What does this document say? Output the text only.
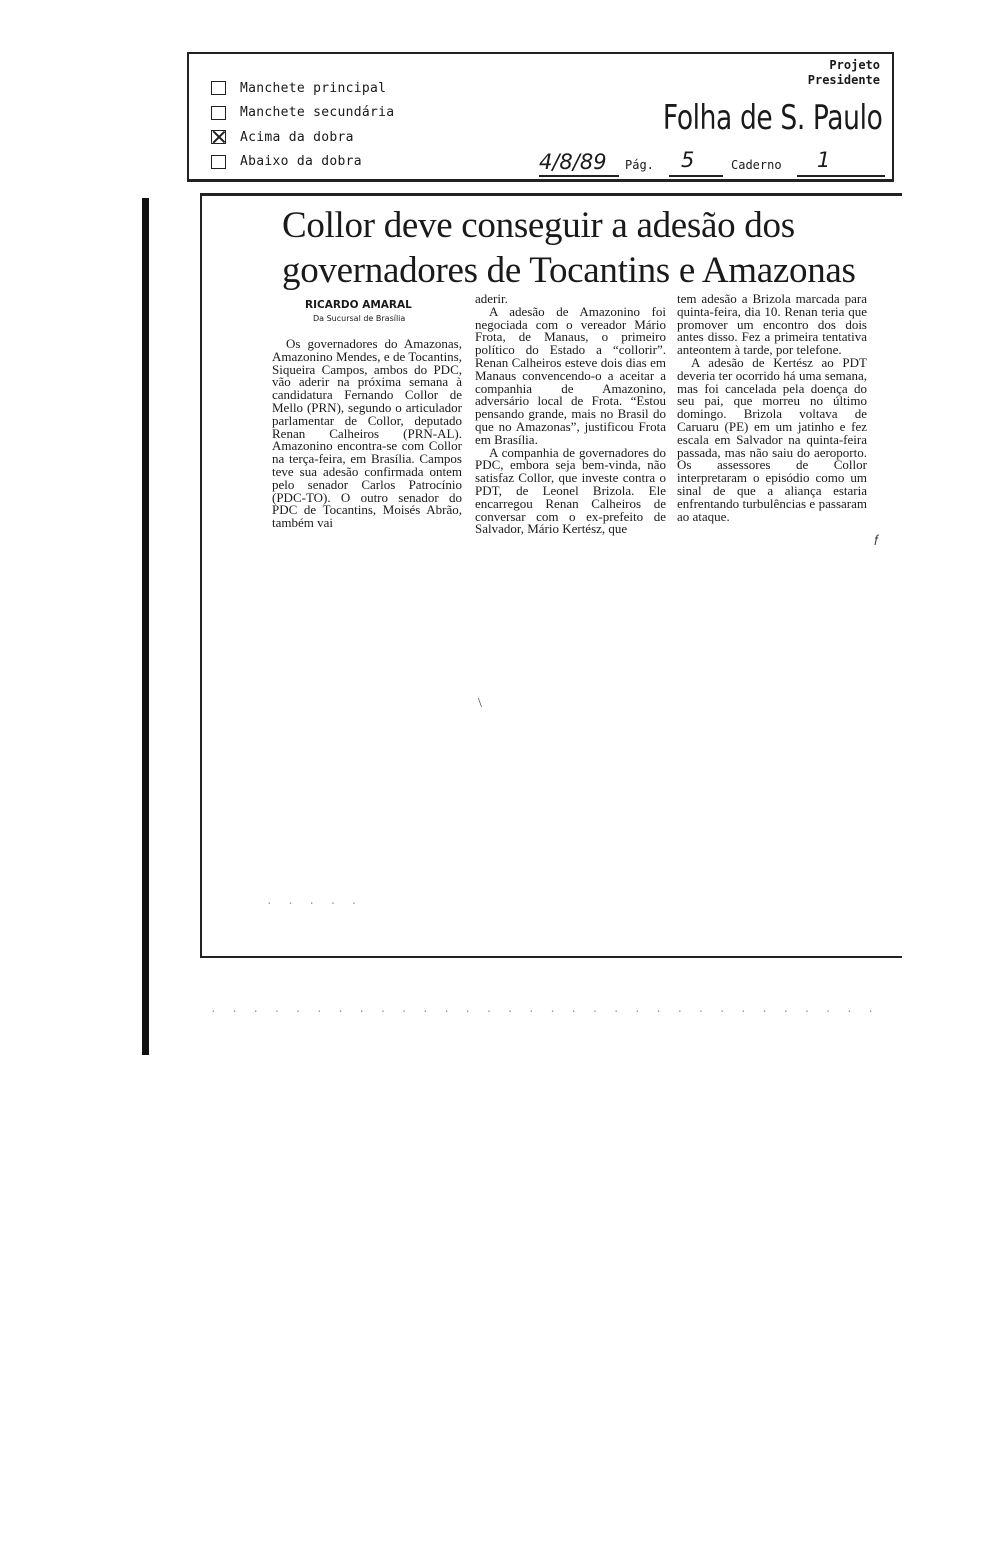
Manchete principal
Manchete secundária
Acima da dobra
Abaixo da dobra
Projeto
Presidente
Folha de S. Paulo
4/8/89 Pág. 5	Caderno 1
Collor deve conseguir a adesão dos governadores de Tocantins e Amazonas
RICARDO AMARAL
Da Sucursal de Brasília

Os governadores do Amazonas, Amazonino Mendes, e de Tocantins, Siqueira Campos, ambos do PDC, vão aderir na próxima semana à candidatura Fernando Collor de Mello (PRN), segundo o articulador parlamentar de Collor, deputado Renan Calheiros (PRN-AL). Amazonino encontra-se com Collor na terça-feira, em Brasília. Campos teve sua adesão confirmada ontem pelo senador Carlos Patrocínio (PDC-TO). O outro senador do PDC de Tocantins, Moisés Abrão, também vai

aderir.

A adesão de Amazonino foi negociada com o vereador Mário Frota, de Manaus, o primeiro político do Estado a “collorir”. Renan Calheiros esteve dois dias em Manaus convencendo-o a aceitar a companhia de Amazonino, adversário local de Frota. “Estou pensando grande, mais no Brasil do que no Amazonas”, justificou Frota em Brasília.

A companhia de governadores do PDC, embora seja bem-vinda, não satisfaz Collor, que investe contra o PDT, de Leonel Brizola. Ele encarregou Renan Calheiros de conversar com o ex-prefeito de Salvador, Mário Kertész, que

tem adesão a Brizola marcada para quinta-feira, dia 10. Renan teria que promover um encontro dos dois antes disso. Fez a primeira tentativa anteontem à tarde, por telefone.

A adesão de Kertész ao PDT deveria ter ocorrido há uma semana, mas foi cancelada pela doença do seu pai, que morreu no último domingo. Brizola voltava de Caruaru (PE) em um jatinho e fez escala em Salvador na quinta-feira passada, mas não saiu do aeroporto. Os assessores de Collor interpretaram o episódio como um sinal de que a aliança estaria enfrentando turbulências e passaram ao ataque.

𝑓
\
. . . . .
. . . . . . . . . . . . . . . . . . . . . . . . . . . . . . . .
